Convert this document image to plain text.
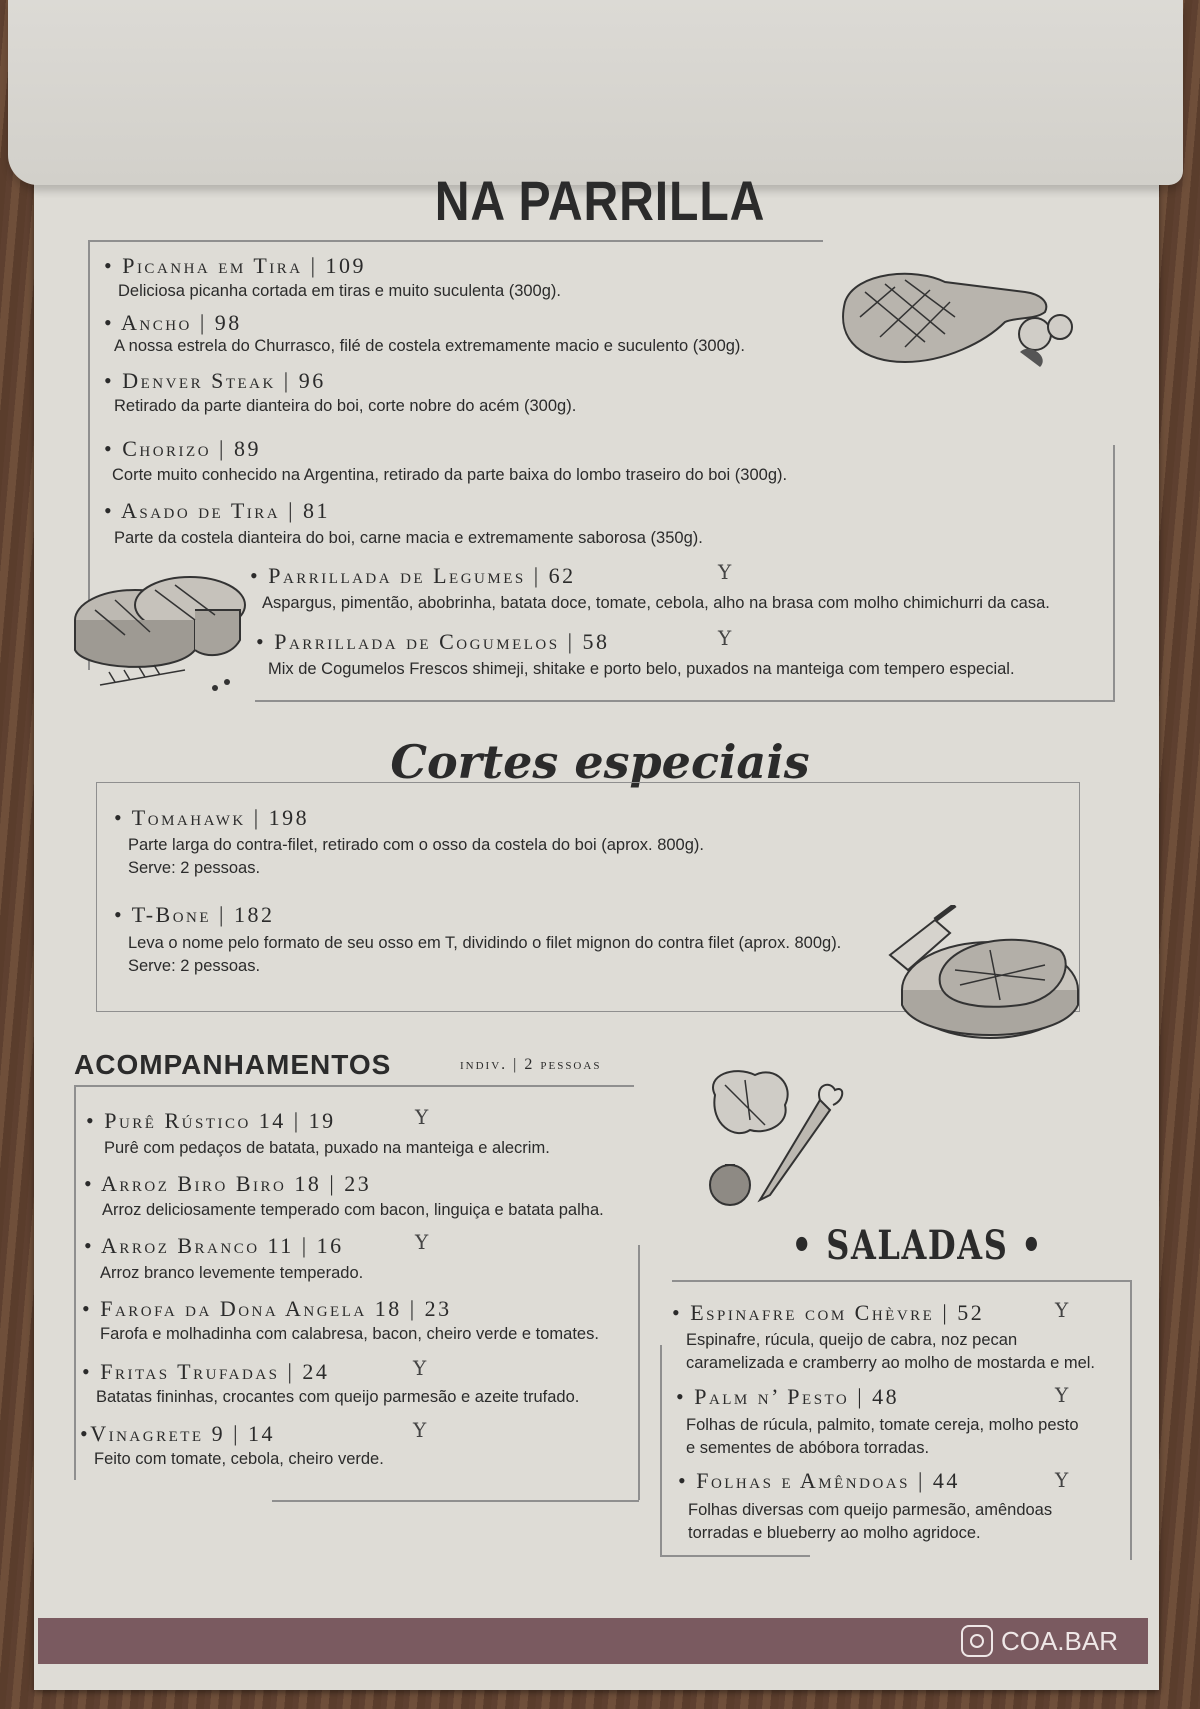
NA PARRILLA
• Picanha em Tira | 109
Deliciosa picanha cortada em tiras e muito suculenta (300g).
• Ancho | 98
A nossa estrela do Churrasco, filé de costela extremamente macio e suculento (300g).
• Denver Steak | 96
Retirado da parte dianteira do boi, corte nobre do acém (300g).
• Chorizo | 89
Corte muito conhecido na Argentina, retirado da parte baixa do lombo traseiro do boi (300g).
• Asado de Tira | 81
Parte da costela dianteira do boi, carne macia e extremamente saborosa (350g).
• Parrillada de Legumes | 62	Y
Aspargus, pimentão, abobrinha, batata doce, tomate, cebola, alho na brasa com molho chimichurri da casa.
• Parrillada de Cogumelos | 58	Y
Mix de Cogumelos Frescos shimeji, shitake e porto belo, puxados na manteiga com tempero especial.
Cortes especiais
• Tomahawk | 198
Parte larga do contra-filet, retirado com o osso da costela do boi (aprox. 800g).
Serve: 2 pessoas.
• T-Bone | 182
Leva o nome pelo formato de seu osso em T, dividindo o filet mignon do contra filet (aprox. 800g).
Serve: 2 pessoas.
ACOMPANHAMENTOS	indiv. | 2 pessoas
• Purê Rústico 14 | 19	Y
Purê com pedaços de batata, puxado na manteiga e alecrim.
• Arroz Biro Biro 18 | 23
Arroz deliciosamente temperado com bacon, linguiça e batata palha.
• Arroz Branco 11 | 16	Y
Arroz branco levemente temperado.
• Farofa da Dona Angela 18 | 23
Farofa e molhadinha com calabresa, bacon, cheiro verde e tomates.
• Fritas Trufadas | 24	Y
Batatas fininhas, crocantes com queijo parmesão e azeite trufado.
•Vinagrete 9 | 14	Y
Feito com tomate, cebola, cheiro verde.
• SALADAS •
• Espinafre com Chèvre | 52	Y
Espinafre, rúcula, queijo de cabra, noz pecan
caramelizada e cramberry ao molho de mostarda e mel.
• Palm n’ Pesto | 48	Y
Folhas de rúcula, palmito, tomate cereja, molho pesto
e sementes de abóbora torradas.
• Folhas e Amêndoas | 44	Y
Folhas diversas com queijo parmesão, amêndoas
torradas e blueberry ao molho agridoce.
COA.BAR
